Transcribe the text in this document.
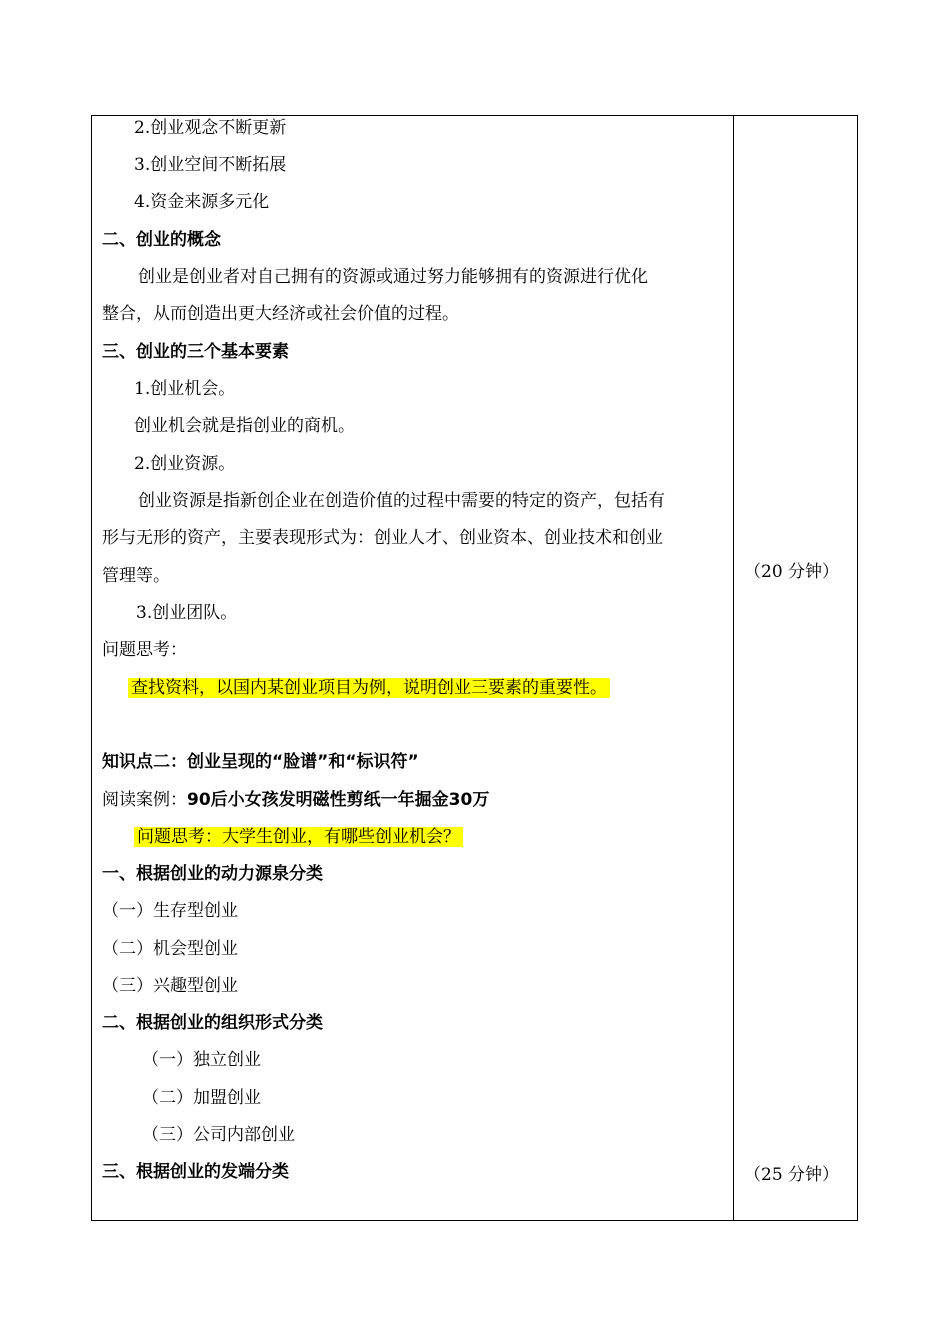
2.创业观念不断更新
3.创业空间不断拓展
4.资金来源多元化
二、创业的概念
创业是创业者对自己拥有的资源或通过努力能够拥有的资源进行优化
整合，从而创造出更大经济或社会价值的过程。
三、创业的三个基本要素
1.创业机会。
创业机会就是指创业的商机。
2.创业资源。
创业资源是指新创企业在创造价值的过程中需要的特定的资产，包括有
形与无形的资产，主要表现形式为：创业人才、创业资本、创业技术和创业
管理等。
3.创业团队。
问题思考：
查找资料，以国内某创业项目为例，说明创业三要素的重要性。
知识点二：创业呈现的“脸谱”和“标识符”
阅读案例：90后小女孩发明磁性剪纸一年掘金30万
问题思考：大学生创业，有哪些创业机会？
一、根据创业的动力源泉分类
（一）生存型创业
（二）机会型创业
（三）兴趣型创业
二、根据创业的组织形式分类
（一）独立创业
（二）加盟创业
（三）公司内部创业
三、根据创业的发端分类
（20 分钟）
（25 分钟）
